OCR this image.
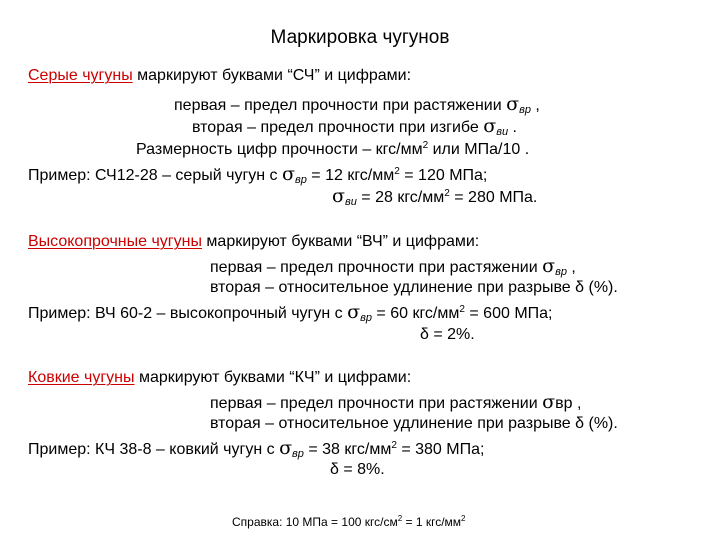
Маркировка чугунов
Серые чугуны маркируют буквами “СЧ” и цифрами:
первая – предел прочности при растяжении $\sigma_{вр}$ ,
вторая – предел прочности при изгибе $\sigma_{ви}$ .
Размерность цифр прочности – кгс/$мм^2$ или МПа/10 .
Пример: СЧ12-28 – серый чугун с $\sigma_{вр} = 12$ кгс/$мм^2 = 120$ МПа;
$\sigma_{ви} = 28$ кгс/$мм^2 = 280$ МПа.
Высокопрочные чугуны маркируют буквами “ВЧ” и цифрами:
первая – предел прочности при растяжении $\sigma_{вр}$ ,
вторая – относительное удлинение при разрыве δ (%).
Пример: ВЧ 60-2 – высокопрочный чугун с $\sigma_{вр} = 60$ кгс/$мм^2 = 600$ МПа;
δ = 2%.
Ковкие чугуны маркируют буквами “КЧ” и цифрами:
первая – предел прочности при растяжении σвр ,
вторая – относительное удлинение при разрыве δ (%).
Пример: КЧ 38-8 – ковкий чугун с $\sigma_{вр} = 38$ кгс/$мм^2 = 380$ МПа;
δ = 8%.
Справка: 10 МПа = 100 кгс/$см^2 = 1$ кгс/$мм^2$
